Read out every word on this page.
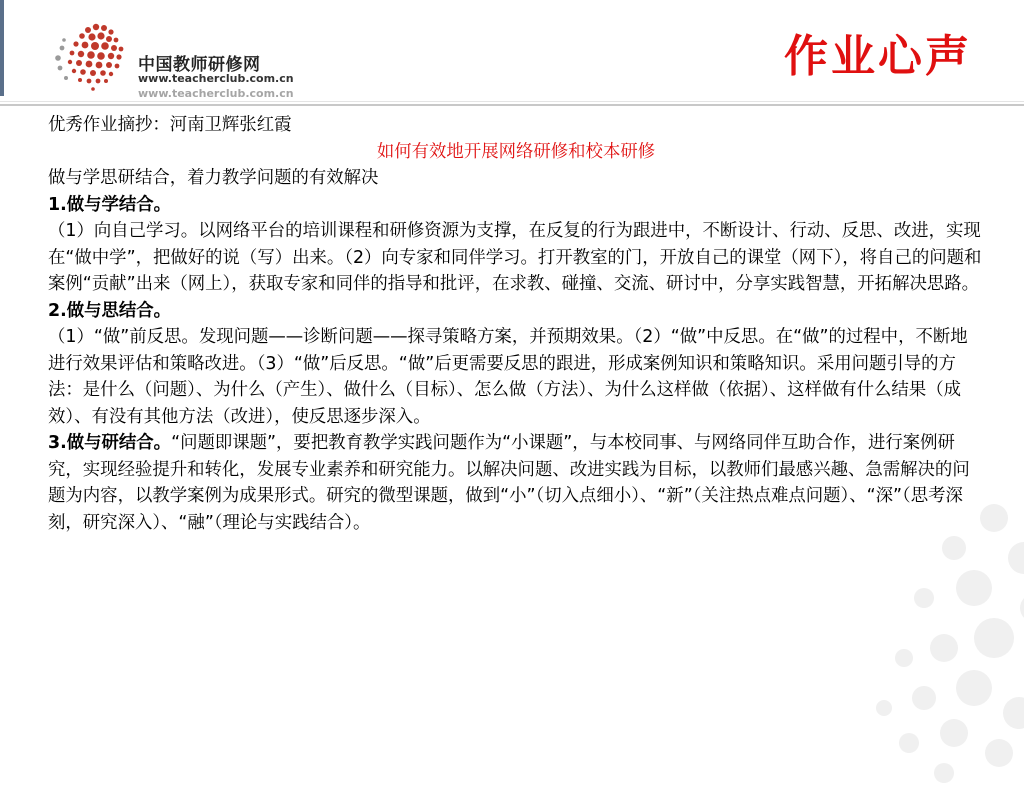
中国教师研修网
www.teacherclub.com.cn
www.teacherclub.com.cn
作业心声

优秀作业摘抄：河南卫辉张红霞

如何有效地开展网络研修和校本研修

做与学思研结合，着力教学问题的有效解决

1.做与学结合。

（1）向自己学习。以网络平台的培训课程和研修资源为支撑，在反复的行为跟进中，不断设计、行动、反思、改进，实现在“做中学”，把做好的说（写）出来。（2）向专家和同伴学习。打开教室的门，开放自己的课堂（网下），将自己的问题和案例“贡献”出来（网上），获取专家和同伴的指导和批评，在求教、碰撞、交流、研讨中，分享实践智慧，开拓解决思路。

2.做与思结合。

（1）“做”前反思。发现问题——诊断问题——探寻策略方案，并预期效果。（2）“做”中反思。在“做”的过程中，不断地进行效果评估和策略改进。（3）“做”后反思。“做”后更需要反思的跟进，形成案例知识和策略知识。采用问题引导的方法：是什么（问题）、为什么（产生）、做什么（目标）、怎么做（方法）、为什么这样做（依据）、这样做有什么结果（成效）、有没有其他方法（改进），使反思逐步深入。

3.做与研结合。“问题即课题”，要把教育教学实践问题作为“小课题”，与本校同事、与网络同伴互助合作，进行案例研究，实现经验提升和转化，发展专业素养和研究能力。以解决问题、改进实践为目标，以教师们最感兴趣、急需解决的问题为内容，以教学案例为成果形式。研究的微型课题，做到“小”（切入点细小）、“新”（关注热点难点问题）、“深”（思考深刻，研究深入）、“融”（理论与实践结合）。
